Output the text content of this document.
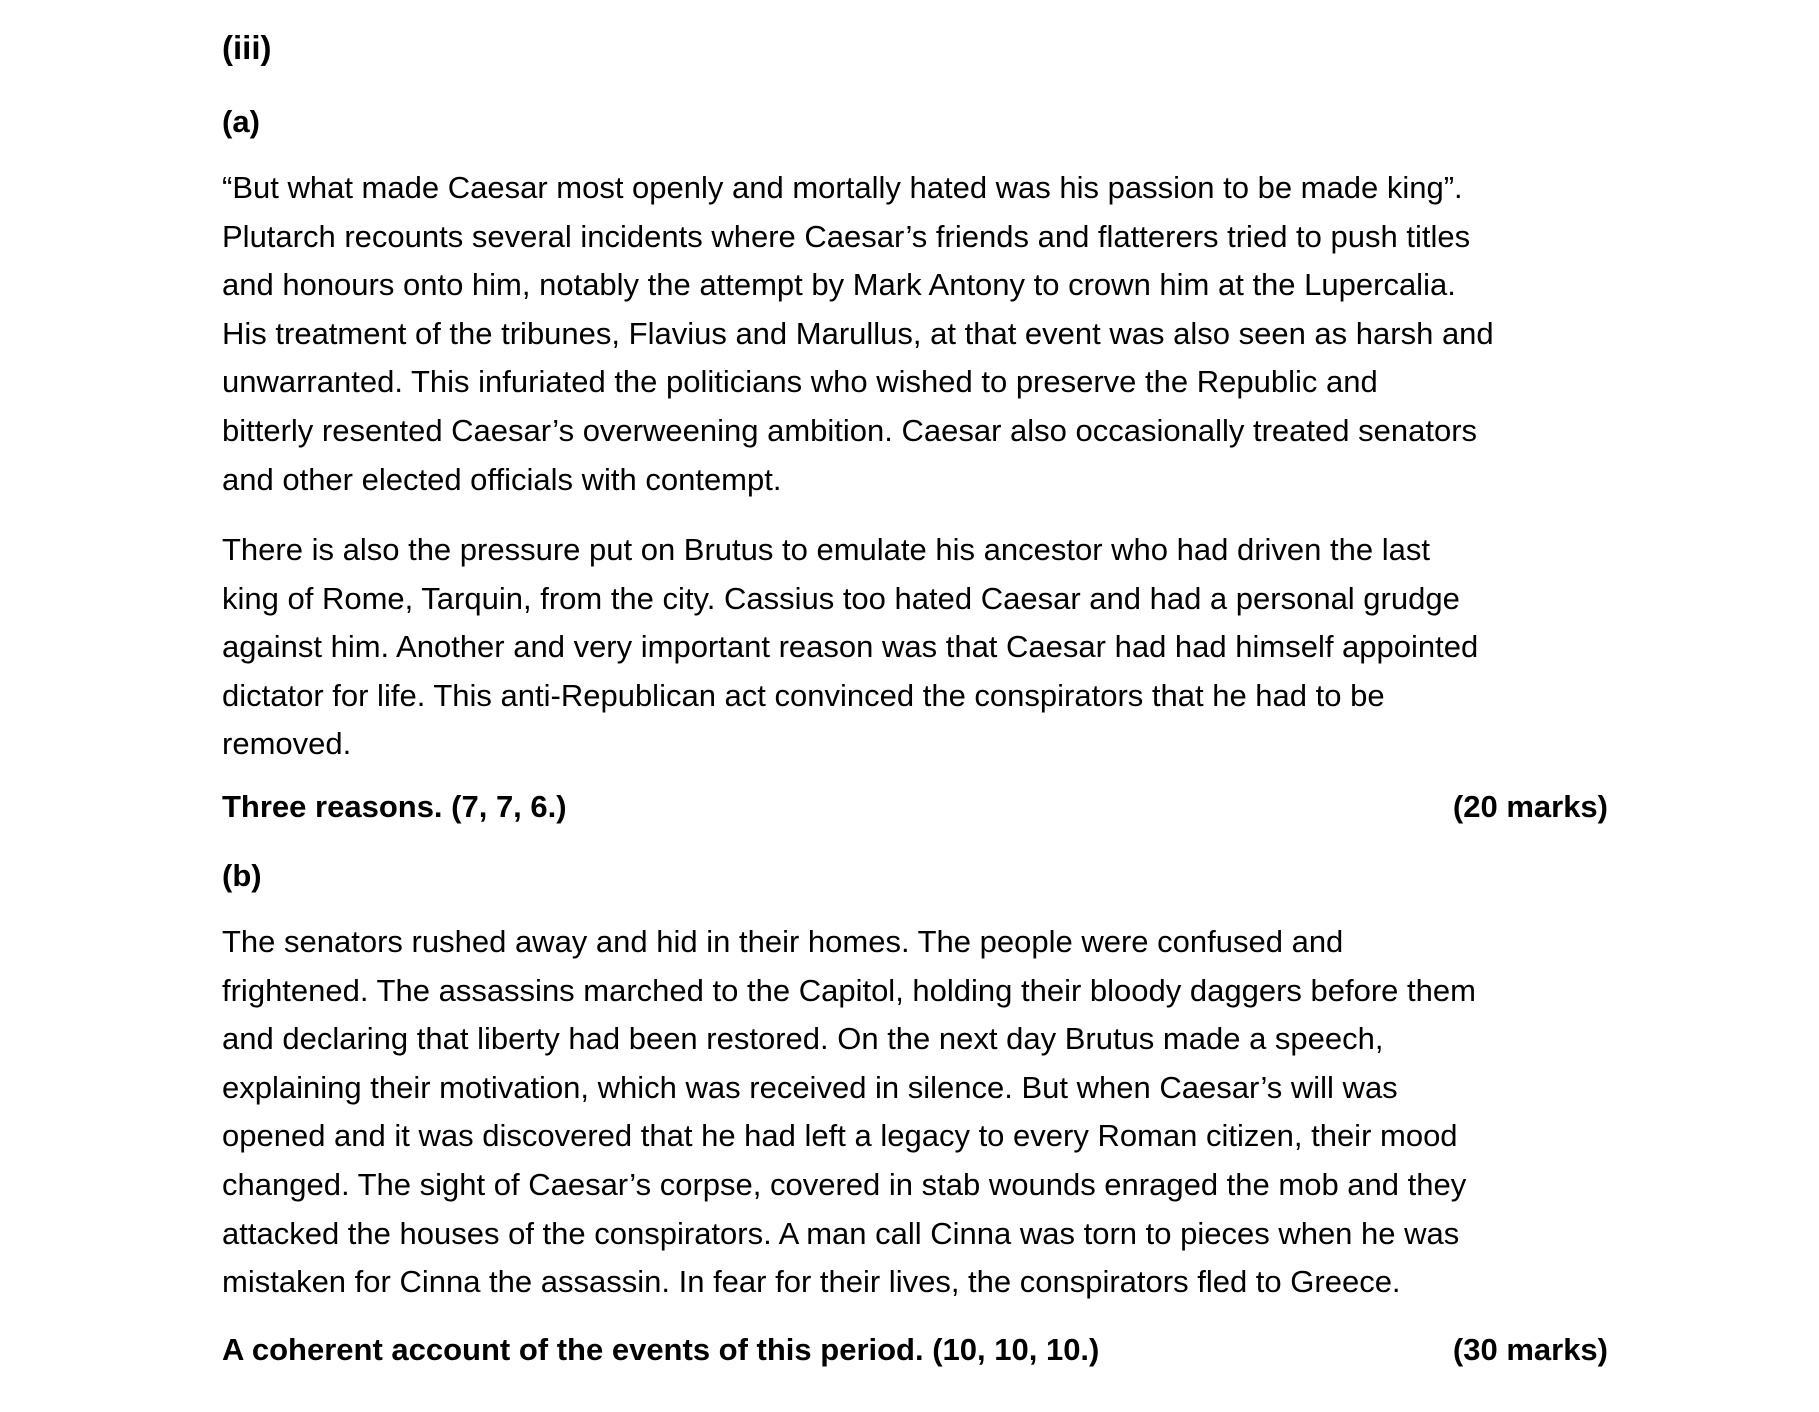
(iii)
(a)
“But what made Caesar most openly and mortally hated was his passion to be made king”.
Plutarch recounts several incidents where Caesar’s friends and flatterers tried to push titles
and honours onto him, notably the attempt by Mark Antony to crown him at the Lupercalia.
His treatment of the tribunes, Flavius and Marullus, at that event was also seen as harsh and
unwarranted. This infuriated the politicians who wished to preserve the Republic and
bitterly resented Caesar’s overweening ambition. Caesar also occasionally treated senators
and other elected officials with contempt.
There is also the pressure put on Brutus to emulate his ancestor who had driven the last
king of Rome, Tarquin, from the city. Cassius too hated Caesar and had a personal grudge
against him. Another and very important reason was that Caesar had had himself appointed
dictator for life. This anti-Republican act convinced the conspirators that he had to be
removed.
Three reasons. (7, 7, 6.)	(20 marks)
(b)
The senators rushed away and hid in their homes. The people were confused and
frightened. The assassins marched to the Capitol, holding their bloody daggers before them
and declaring that liberty had been restored. On the next day Brutus made a speech,
explaining their motivation, which was received in silence. But when Caesar’s will was
opened and it was discovered that he had left a legacy to every Roman citizen, their mood
changed. The sight of Caesar’s corpse, covered in stab wounds enraged the mob and they
attacked the houses of the conspirators. A man call Cinna was torn to pieces when he was
mistaken for Cinna the assassin. In fear for their lives, the conspirators fled to Greece.
A coherent account of the events of this period. (10, 10, 10.)	(30 marks)
